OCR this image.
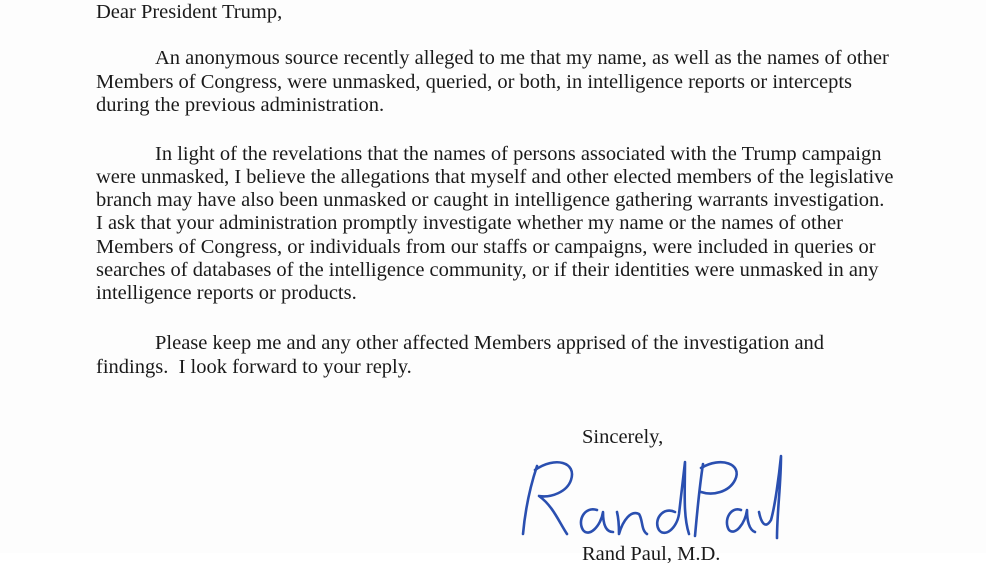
Dear President Trump,

An anonymous source recently alleged to me that my name, as well as the names of other

Members of Congress, were unmasked, queried, or both, in intelligence reports or intercepts

during the previous administration.

In light of the revelations that the names of persons associated with the Trump campaign

were unmasked, I believe the allegations that myself and other elected members of the legislative

branch may have also been unmasked or caught in intelligence gathering warrants investigation.

I ask that your administration promptly investigate whether my name or the names of other

Members of Congress, or individuals from our staffs or campaigns, were included in queries or

searches of databases of the intelligence community, or if their identities were unmasked in any

intelligence reports or products.

Please keep me and any other affected Members apprised of the investigation and

findings.  I look forward to your reply.

Sincerely,

Rand Paul, M.D.
